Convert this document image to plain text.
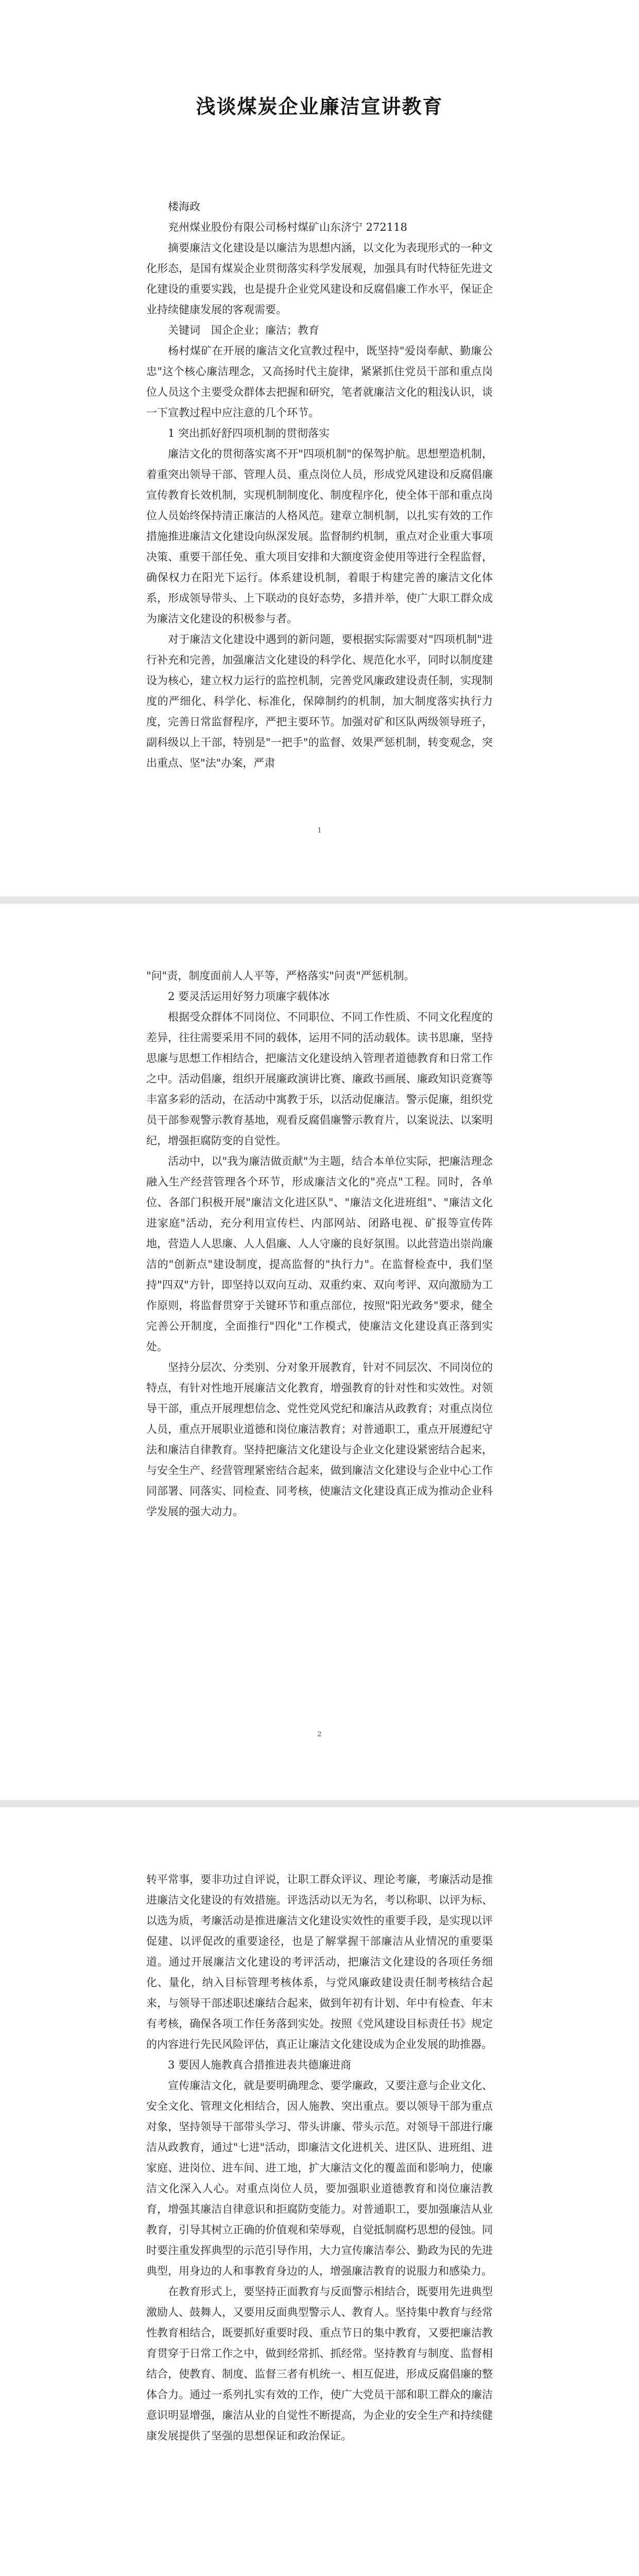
浅谈煤炭企业廉洁宣讲教育

楼海政

兖州煤业股份有限公司杨村煤矿山东济宁 272118

摘要廉洁文化建设是以廉洁为思想内涵，以文化为表现形式的一种文化形态，是国有煤炭企业贯彻落实科学发展观，加强具有时代特征先进文化建设的重要实践，也是提升企业党风建设和反腐倡廉工作水平，保证企业持续健康发展的客观需要。

关键词　国企企业；廉洁；教育

杨村煤矿在开展的廉洁文化宣教过程中，既坚持"爱岗奉献、勤廉公忠"这个核心廉洁理念，又高扬时代主旋律，紧紧抓住党员干部和重点岗位人员这个主要受众群体去把握和研究，笔者就廉洁文化的粗浅认识，谈一下宣教过程中应注意的几个环节。

1 突出抓好舒四项机制的贯彻落实

廉洁文化的贯彻落实离不开"四项机制"的保驾护航。思想塑造机制，着重突出领导干部、管理人员、重点岗位人员，形成党风建设和反腐倡廉宣传教育长效机制，实现机制制度化、制度程序化，使全体干部和重点岗位人员始终保持清正廉洁的人格风范。建章立制机制，以扎实有效的工作措施推进廉洁文化建设向纵深发展。监督制约机制，重点对企业重大事项决策、重要干部任免、重大项目安排和大额度资金使用等进行全程监督，确保权力在阳光下运行。体系建设机制，着眼于构建完善的廉洁文化体系，形成领导带头、上下联动的良好态势，多措并举，使广大职工群众成为廉洁文化建设的积极参与者。

对于廉洁文化建设中遇到的新问题，要根据实际需要对"四项机制"进行补充和完善，加强廉洁文化建设的科学化、规范化水平，同时以制度建设为核心，建立权力运行的监控机制，完善党风廉政建设责任制，实现制度的严细化、科学化、标准化，保障制约的机制，加大制度落实执行力度，完善日常监督程序，严把主要环节。加强对矿和区队两级领导班子，副科级以上干部，特别是"一把手"的监督、效果严惩机制，转变观念，突出重点、坚"法"办案，严肃

1

"问"责，制度面前人人平等，严格落实"问责"严惩机制。

2 要灵活运用好努力项廉字载体冰

根据受众群体不同岗位、不同职位、不同工作性质、不同文化程度的差异，往往需要采用不同的载体，运用不同的活动载体。读书思廉，坚持思廉与思想工作相结合，把廉洁文化建设纳入管理者道德教育和日常工作之中。活动倡廉，组织开展廉政演讲比赛、廉政书画展、廉政知识竞赛等丰富多彩的活动，在活动中寓教于乐，以活动促廉洁。警示促廉，组织党员干部参观警示教育基地，观看反腐倡廉警示教育片，以案说法、以案明纪，增强拒腐防变的自觉性。

活动中，以"我为廉洁做贡献"为主题，结合本单位实际，把廉洁理念融入生产经营管理各个环节，形成廉洁文化的"亮点"工程。同时，各单位、各部门积极开展"廉洁文化进区队"、"廉洁文化进班组"、"廉洁文化进家庭"活动，充分利用宣传栏、内部网站、闭路电视、矿报等宣传阵地，营造人人思廉、人人倡廉、人人守廉的良好氛围。以此营造出崇尚廉洁的"创新点"建设制度，提高监督的"执行力"。在监督检查中，我们坚持"四双"方针，即坚持以双向互动、双重约束、双向考评、双向激励为工作原则，将监督贯穿于关键环节和重点部位，按照"阳光政务"要求，健全完善公开制度，全面推行"四化"工作模式，使廉洁文化建设真正落到实处。

坚持分层次、分类别、分对象开展教育，针对不同层次、不同岗位的特点，有针对性地开展廉洁文化教育，增强教育的针对性和实效性。对领导干部，重点开展理想信念、党性党风党纪和廉洁从政教育；对重点岗位人员，重点开展职业道德和岗位廉洁教育；对普通职工，重点开展遵纪守法和廉洁自律教育。坚持把廉洁文化建设与企业文化建设紧密结合起来，与安全生产、经营管理紧密结合起来，做到廉洁文化建设与企业中心工作同部署、同落实、同检查、同考核，使廉洁文化建设真正成为推动企业科学发展的强大动力。

2

转平常事，要非功过自评说，让职工群众评议、理论考廉，考廉活动是推进廉洁文化建设的有效措施。评选活动以无为名，考以称职、以评为标、以选为质，考廉活动是推进廉洁文化建设实效性的重要手段，是实现以评促建、以评促改的重要途径，也是了解掌握干部廉洁从业情况的重要渠道。通过开展廉洁文化建设的考评活动，把廉洁文化建设的各项任务细化、量化，纳入目标管理考核体系，与党风廉政建设责任制考核结合起来，与领导干部述职述廉结合起来，做到年初有计划、年中有检查、年末有考核，确保各项工作任务落到实处。按照《党风建设目标责任书》规定的内容进行先民风险评估，真正让廉洁文化建设成为企业发展的助推器。

3 要因人施教真合措推进表共德廉进商

宣传廉洁文化，就是要明确理念、要学廉政，又要注意与企业文化、安全文化、管理文化相结合，因人施教、突出重点。要以领导干部为重点对象，坚持领导干部带头学习、带头讲廉、带头示范。对领导干部进行廉洁从政教育，通过"七进"活动，即廉洁文化进机关、进区队、进班组、进家庭、进岗位、进车间、进工地，扩大廉洁文化的覆盖面和影响力，使廉洁文化深入人心。对重点岗位人员，要加强职业道德教育和岗位廉洁教育，增强其廉洁自律意识和拒腐防变能力。对普通职工，要加强廉洁从业教育，引导其树立正确的价值观和荣辱观，自觉抵制腐朽思想的侵蚀。同时要注重发挥典型的示范引导作用，大力宣传廉洁奉公、勤政为民的先进典型，用身边的人和事教育身边的人，增强廉洁教育的说服力和感染力。

在教育形式上，要坚持正面教育与反面警示相结合，既要用先进典型激励人、鼓舞人，又要用反面典型警示人、教育人。坚持集中教育与经常性教育相结合，既要抓好重要时段、重点节日的集中教育，又要把廉洁教育贯穿于日常工作之中，做到经常抓、抓经常。坚持教育与制度、监督相结合，使教育、制度、监督三者有机统一、相互促进，形成反腐倡廉的整体合力。通过一系列扎实有效的工作，使广大党员干部和职工群众的廉洁意识明显增强，廉洁从业的自觉性不断提高，为企业的安全生产和持续健康发展提供了坚强的思想保证和政治保证。
